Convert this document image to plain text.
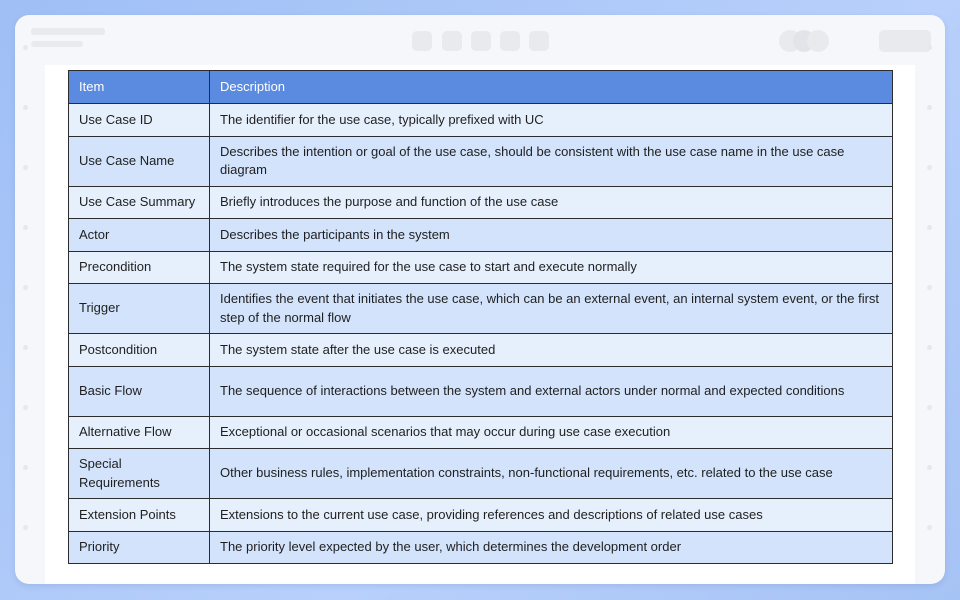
Item	Description
Use Case ID	The identifier for the use case, typically prefixed with UC
Use Case Name	Describes the intention or goal of the use case, should be consistent with the use case name in the use case diagram
Use Case Summary	Briefly introduces the purpose and function of the use case
Actor	Describes the participants in the system
Precondition	The system state required for the use case to start and execute normally
Trigger	Identifies the event that initiates the use case, which can be an external event, an internal system event, or the first step of the normal flow
Postcondition	The system state after the use case is executed
Basic Flow	The sequence of interactions between the system and external actors under normal and expected conditions
Alternative Flow	Exceptional or occasional scenarios that may occur during use case execution
Special Requirements	Other business rules, implementation constraints, non-functional requirements, etc. related to the use case
Extension Points	Extensions to the current use case, providing references and descriptions of related use cases
Priority	The priority level expected by the user, which determines the development order
